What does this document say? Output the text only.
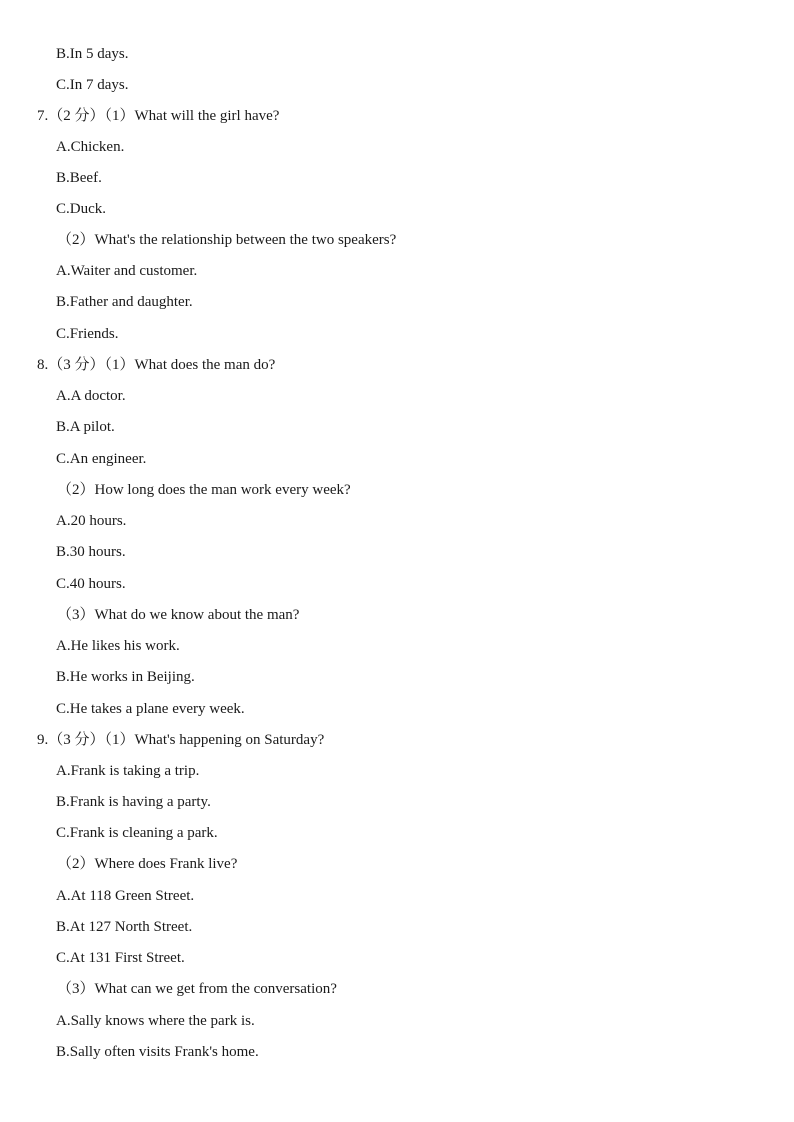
B.In 5 days.
C.In 7 days.
7.（2 分）（1）What will the girl have?
A.Chicken.
B.Beef.
C.Duck.
（2）What's the relationship between the two speakers?
A.Waiter and customer.
B.Father and daughter.
C.Friends.
8.（3 分）（1）What does the man do?
A.A doctor.
B.A pilot.
C.An engineer.
（2）How long does the man work every week?
A.20 hours.
B.30 hours.
C.40 hours.
（3）What do we know about the man?
A.He likes his work.
B.He works in Beijing.
C.He takes a plane every week.
9.（3 分）（1）What's happening on Saturday?
A.Frank is taking a trip.
B.Frank is having a party.
C.Frank is cleaning a park.
（2）Where does Frank live?
A.At 118 Green Street.
B.At 127 North Street.
C.At 131 First Street.
（3）What can we get from the conversation?
A.Sally knows where the park is.
B.Sally often visits Frank's home.
